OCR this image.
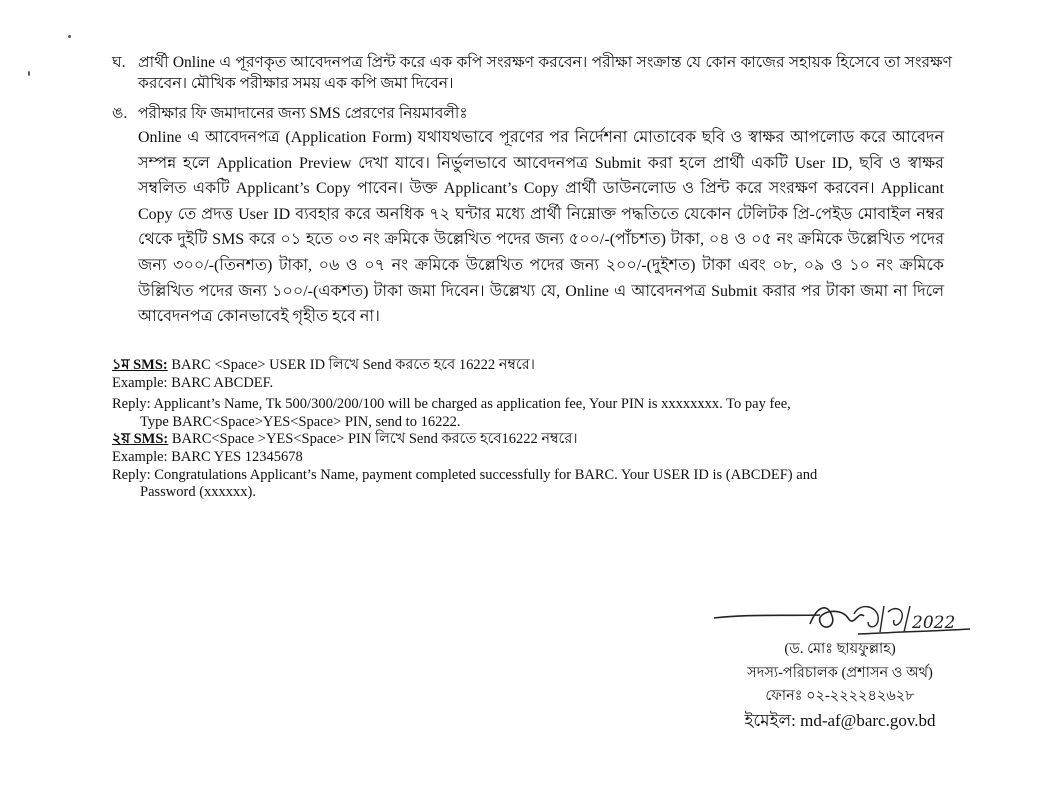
ঘ. প্রার্থী Online এ পূরণকৃত আবেদনপত্র প্রিন্ট করে এক কপি সংরক্ষণ করবেন। পরীক্ষা সংক্রান্ত যে কোন কাজের সহায়ক হিসেবে তা সংরক্ষণ করবেন। মৌখিক পরীক্ষার সময় এক কপি জমা দিবেন।
ঙ. পরীক্ষার ফি জমাদানের জন্য SMS প্রেরণের নিয়মাবলীঃ
Online এ আবেদনপত্র (Application Form) যথাযথভাবে পূরণের পর নির্দেশনা মোতাবেক ছবি ও স্বাক্ষর আপলোড করে আবেদন সম্পন্ন হলে Application Preview দেখা যাবে। নির্ভুলভাবে আবেদনপত্র Submit করা হলে প্রার্থী একটি User ID, ছবি ও স্বাক্ষর সম্বলিত একটি Applicant’s Copy পাবেন। উক্ত Applicant’s Copy প্রার্থী ডাউনলোড ও প্রিন্ট করে সংরক্ষণ করবেন। Applicant Copy তে প্রদত্ত User ID ব্যবহার করে অনধিক ৭২ ঘন্টার মধ্যে প্রার্থী নিম্নোক্ত পদ্ধতিতে যেকোন টেলিটক প্রি-পেইড মোবাইল নম্বর থেকে দুইটি SMS করে ০১ হতে ০৩ নং ক্রমিকে উল্লেখিত পদের জন্য ৫০০/-(পাঁচশত) টাকা, ০৪ ও ০৫ নং ক্রমিকে উল্লেখিত পদের জন্য ৩০০/-(তিনশত) টাকা, ০৬ ও ০৭ নং ক্রমিকে উল্লেখিত পদের জন্য ২০০/-(দুইশত) টাকা এবং ০৮, ০৯ ও ১০ নং ক্রমিকে উল্লিখিত পদের জন্য ১০০/-(একশত) টাকা জমা দিবেন। উল্লেখ্য যে, Online এ আবেদনপত্র Submit করার পর টাকা জমা না দিলে আবেদনপত্র কোনভাবেই গৃহীত হবে না।
১ম SMS: BARC <Space> USER ID লিখে Send করতে হবে 16222 নম্বরে।
Example: BARC ABCDEF.
Reply: Applicant’s Name, Tk 500/300/200/100 will be charged as application fee, Your PIN is xxxxxxxx. To pay fee,
Type BARC<Space>YES<Space> PIN, send to 16222.
২য় SMS: BARC<Space >YES<Space> PIN লিখে Send করতে হবে16222 নম্বরে।
Example: BARC YES 12345678
Reply: Congratulations Applicant’s Name, payment completed successfully for BARC. Your USER ID is (ABCDEF) and
Password (xxxxxx).
2022
(ড. মোঃ ছায়ফুল্লাহ)
সদস্য-পরিচালক (প্রশাসন ও অর্থ)
ফোনঃ ০২-২২২২৪২৬২৮
ইমেইল: md-af@barc.gov.bd
